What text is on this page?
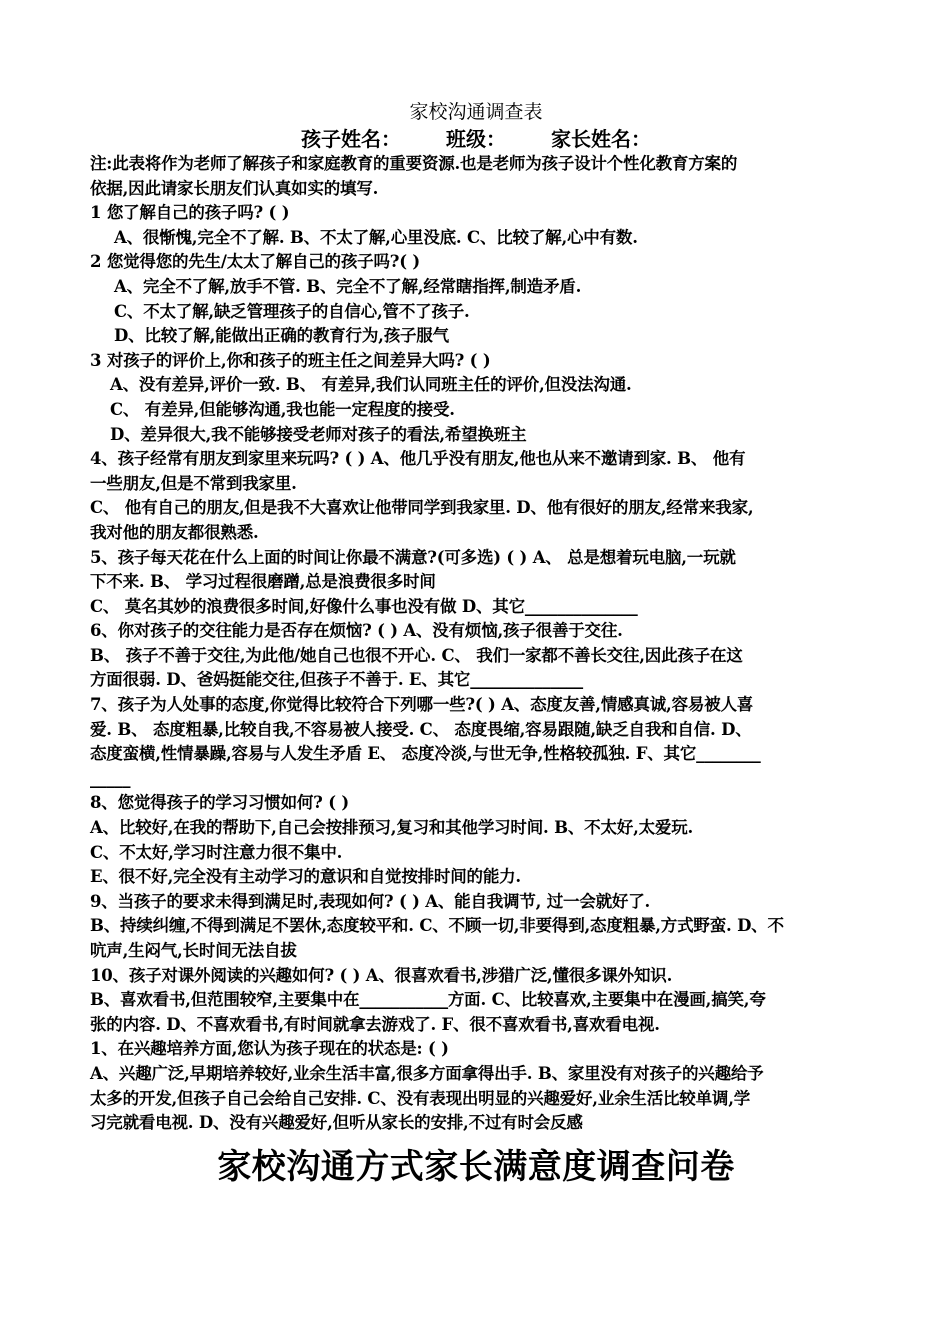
家校沟通调查表
孩子姓名： 班级： 家长姓名：
注:此表将作为老师了解孩子和家庭教育的重要资源.也是老师为孩子设计个性化教育方案的
依据,因此请家长朋友们认真如实的填写.
1 您了解自己的孩子吗? ( )
A、很惭愧,完全不了解. B、不太了解,心里没底. C、比较了解,心中有数.
2 您觉得您的先生/太太了解自己的孩子吗?( )
A、完全不了解,放手不管. B、完全不了解,经常瞎指挥,制造矛盾.
C、不太了解,缺乏管理孩子的自信心,管不了孩子.
D、比较了解,能做出正确的教育行为,孩子服气
3 对孩子的评价上,你和孩子的班主任之间差异大吗? ( )
A、没有差异,评价一致. B、 有差异,我们认同班主任的评价,但没法沟通.
C、 有差异,但能够沟通,我也能一定程度的接受.
D、差异很大,我不能够接受老师对孩子的看法,希望换班主
4、孩子经常有朋友到家里来玩吗? ( ) A、他几乎没有朋友,他也从来不邀请到家. B、 他有
一些朋友,但是不常到我家里.
C、 他有自己的朋友,但是我不大喜欢让他带同学到我家里. D、他有很好的朋友,经常来我家,
我对他的朋友都很熟悉.
5、孩子每天花在什么上面的时间让你最不满意?(可多选) ( ) A、 总是想着玩电脑,一玩就
下不来. B、 学习过程很磨蹭,总是浪费很多时间
C、 莫名其妙的浪费很多时间,好像什么事也没有做 D、其它______________
6、你对孩子的交往能力是否存在烦恼? ( ) A、没有烦恼,孩子很善于交往.
B、 孩子不善于交往,为此他/她自己也很不开心. C、 我们一家都不善长交往,因此孩子在这
方面很弱. D、爸妈挺能交往,但孩子不善于. E、其它______________
7、孩子为人处事的态度,你觉得比较符合下列哪一些?( ) A、态度友善,情感真诚,容易被人喜
爱. B、 态度粗暴,比较自我,不容易被人接受. C、 态度畏缩,容易跟随,缺乏自我和自信. D、
态度蛮横,性情暴躁,容易与人发生矛盾 E、 态度冷淡,与世无争,性格较孤独. F、其它________
_____
8、您觉得孩子的学习习惯如何? ( )
A、比较好,在我的帮助下,自己会按排预习,复习和其他学习时间. B、不太好,太爱玩.
C、不太好,学习时注意力很不集中.
E、很不好,完全没有主动学习的意识和自觉按排时间的能力.
9、当孩子的要求未得到满足时,表现如何? ( ) A、能自我调节, 过一会就好了.
B、持续纠缠,不得到满足不罢休,态度较平和. C、不顾一切,非要得到,态度粗暴,方式野蛮. D、不
吭声,生闷气,长时间无法自拔
10、孩子对课外阅读的兴趣如何? ( ) A、很喜欢看书,涉猎广泛,懂很多课外知识.
B、喜欢看书,但范围较窄,主要集中在___________方面. C、比较喜欢,主要集中在漫画,搞笑,夸
张的内容. D、不喜欢看书,有时间就拿去游戏了. F、很不喜欢看书,喜欢看电视.
1、在兴趣培养方面,您认为孩子现在的状态是: ( )
A、兴趣广泛,早期培养较好,业余生活丰富,很多方面拿得出手. B、家里没有对孩子的兴趣给予
太多的开发,但孩子自己会给自己安排. C、没有表现出明显的兴趣爱好,业余生活比较单调,学
习完就看电视. D、没有兴趣爱好,但听从家长的安排,不过有时会反感
家校沟通方式家长满意度调查问卷
